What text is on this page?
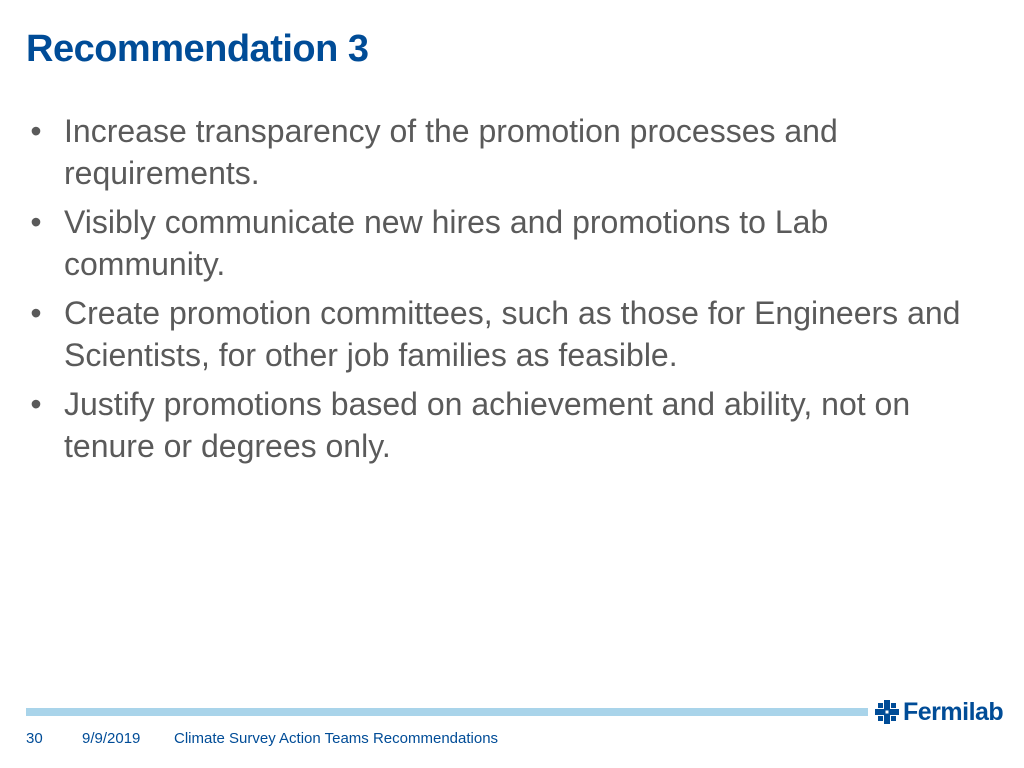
Recommendation 3
• Increase transparency of the promotion processes and requirements.
• Visibly communicate new hires and promotions to Lab community.
• Create promotion committees, such as those for Engineers and Scientists, for other job families as feasible.
• Justify promotions based on achievement and ability, not on tenure or degrees only.
Fermilab
30	9/9/2019 Climate Survey Action Teams Recommendations
